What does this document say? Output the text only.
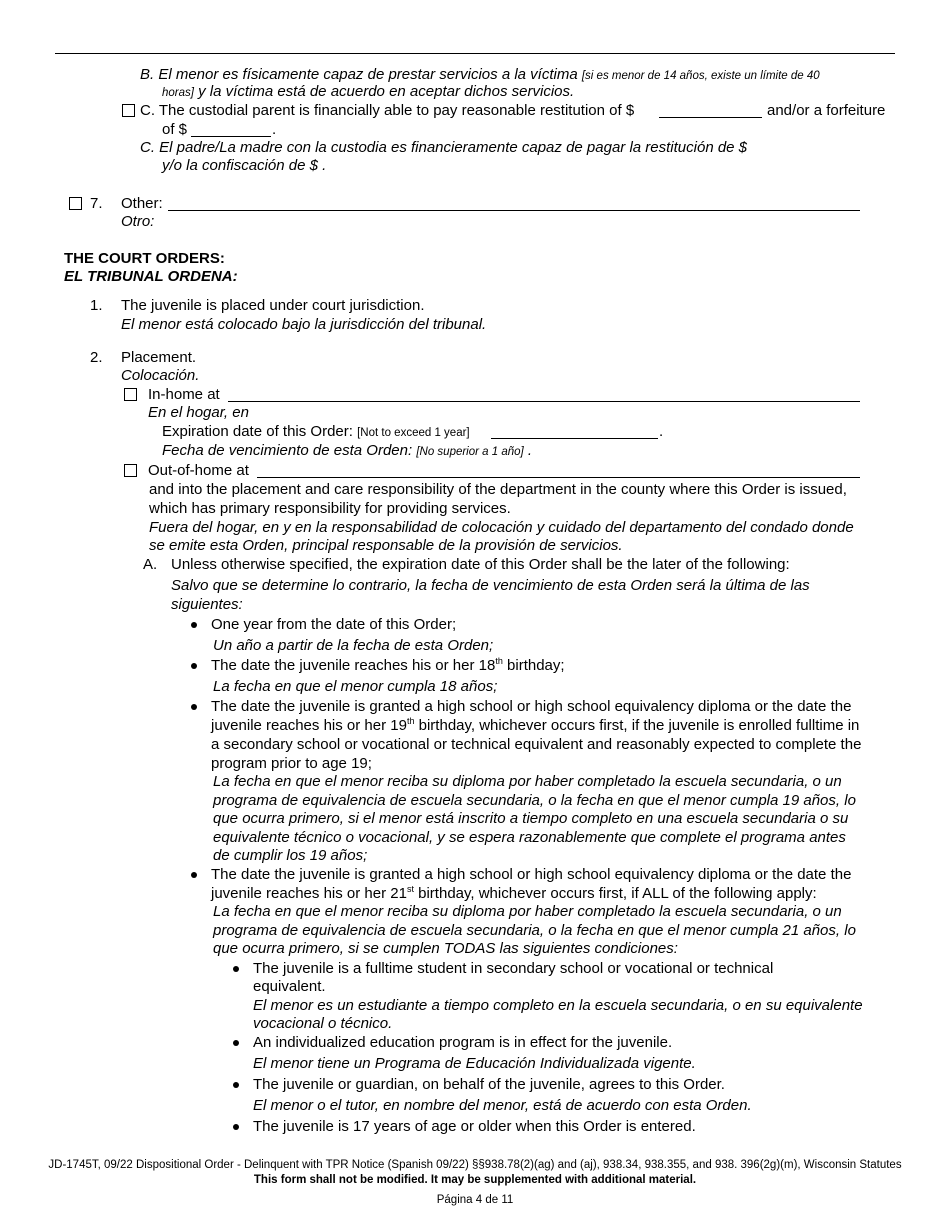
B. El menor es físicamente capaz de prestar servicios a la víctima [si es menor de 14 años, existe un límite de 40
horas] y la víctima está de acuerdo en aceptar dichos servicios.
C. The custodial parent is financially able to pay reasonable restitution of $	and/or a forfeiture
of $	.
C. El padre/La madre con la custodia es financieramente capaz de pagar la restitución de $
y/o la confiscación de $ .
7. Other:
Otro:
THE COURT ORDERS:
EL TRIBUNAL ORDENA:
1. The juvenile is placed under court jurisdiction.
El menor está colocado bajo la jurisdicción del tribunal.
2. Placement.
Colocación.
In-home at
En el hogar, en
Expiration date of this Order: [Not to exceed 1 year]	.
Fecha de vencimiento de esta Orden: [No superior a 1 año] .
Out-of-home at
and into the placement and care responsibility of the department in the county where this Order is issued,
which has primary responsibility for providing services.
Fuera del hogar, en y en la responsabilidad de colocación y cuidado del departamento del condado donde
se emite esta Orden, principal responsable de la provisión de servicios.
A. Unless otherwise specified, the expiration date of this Order shall be the later of the following:
Salvo que se determine lo contrario, la fecha de vencimiento de esta Orden será la última de las
siguientes:
One year from the date of this Order;
Un año a partir de la fecha de esta Orden;
The date the juvenile reaches his or her 18th birthday;
La fecha en que el menor cumpla 18 años;
The date the juvenile is granted a high school or high school equivalency diploma or the date the
juvenile reaches his or her 19th birthday, whichever occurs first, if the juvenile is enrolled fulltime in
a secondary school or vocational or technical equivalent and reasonably expected to complete the
program prior to age 19;
La fecha en que el menor reciba su diploma por haber completado la escuela secundaria, o un
programa de equivalencia de escuela secundaria, o la fecha en que el menor cumpla 19 años, lo
que ocurra primero, si el menor está inscrito a tiempo completo en una escuela secundaria o su
equivalente técnico o vocacional, y se espera razonablemente que complete el programa antes
de cumplir los 19 años;
The date the juvenile is granted a high school or high school equivalency diploma or the date the
juvenile reaches his or her 21st birthday, whichever occurs first, if ALL of the following apply:
La fecha en que el menor reciba su diploma por haber completado la escuela secundaria, o un
programa de equivalencia de escuela secundaria, o la fecha en que el menor cumpla 21 años, lo
que ocurra primero, si se cumplen TODAS las siguientes condiciones:
The juvenile is a fulltime student in secondary school or vocational or technical
equivalent.
El menor es un estudiante a tiempo completo en la escuela secundaria, o en su equivalente
vocacional o técnico.
An individualized education program is in effect for the juvenile.
El menor tiene un Programa de Educación Individualizada vigente.
The juvenile or guardian, on behalf of the juvenile, agrees to this Order.
El menor o el tutor, en nombre del menor, está de acuerdo con esta Orden.
The juvenile is 17 years of age or older when this Order is entered.
JD-1745T, 09/22 Dispositional Order - Delinquent with TPR Notice (Spanish 09/22) §§938.78(2)(ag) and (aj), 938.34, 938.355, and 938. 396(2g)(m), Wisconsin Statutes
This form shall not be modified. It may be supplemented with additional material.
Página 4 de 11
